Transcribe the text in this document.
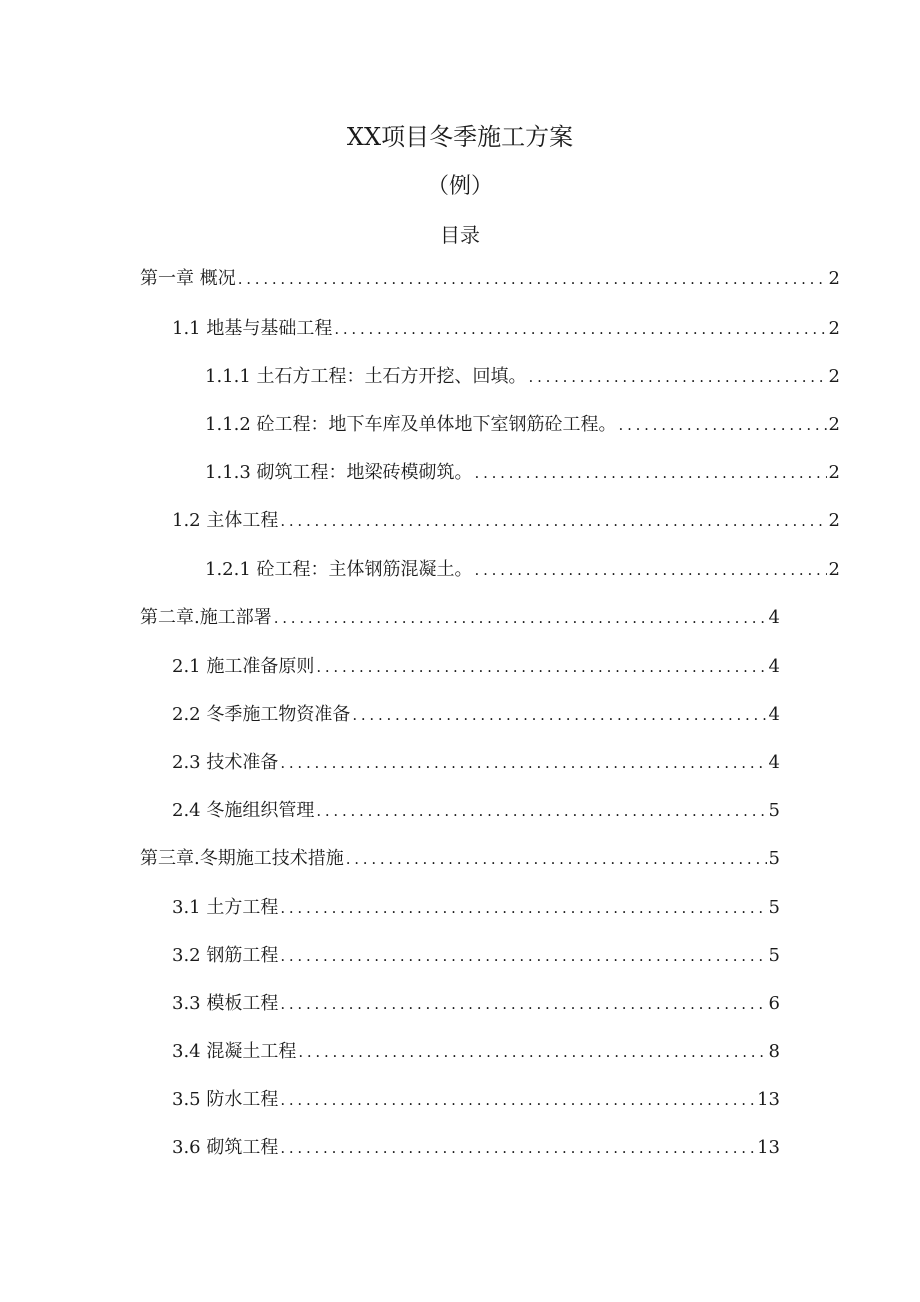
XX项目冬季施工方案
（例）
目录
第一章 概况 . . .	2
1.1 地基与基础工程 . . .	2
1.1.1 土石方工程：土石方开挖、回填。 . . .	2
1.1.2 砼工程：地下车库及单体地下室钢筋砼工程。 . . .	2
1.1.3 砌筑工程：地梁砖模砌筑。 . . .	2
1.2 主体工程 . . .	2
1.2.1 砼工程：主体钢筋混凝土。 . . .	2
第二章.施工部署 . . .	4
2.1 施工准备原则 . . .	4
2.2 冬季施工物资准备 . . .	4
2.3 技术准备 . . .	4
2.4 冬施组织管理 . . .	5
第三章.冬期施工技术措施 . . .	5
3.1 土方工程 . . .	5
3.2 钢筋工程 . . .	5
3.3 模板工程 . . .	6
3.4 混凝土工程 . . .	8
3.5 防水工程 . . .	13
3.6 砌筑工程 . . .	13
